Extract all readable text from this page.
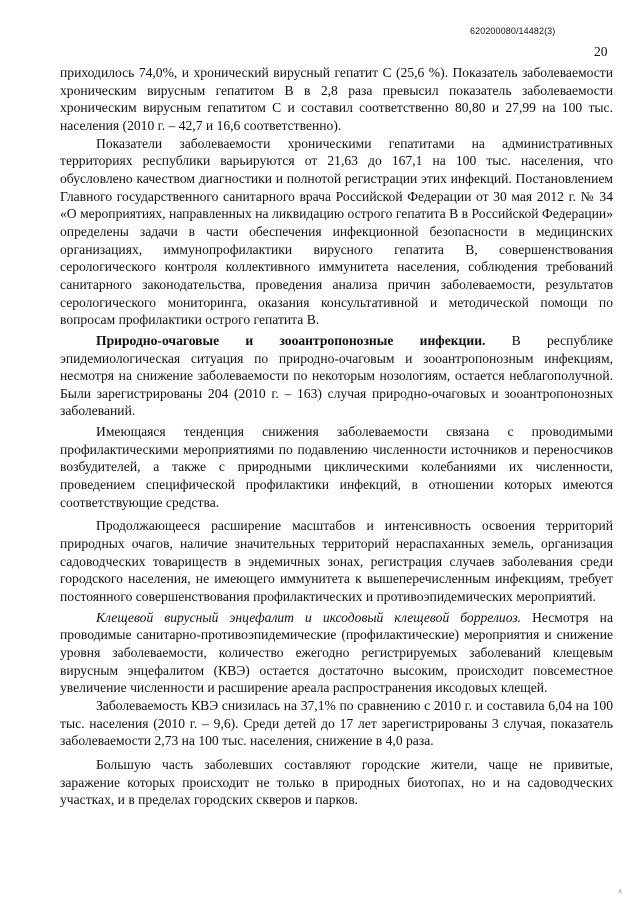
620200080/14482(3)
20

приходилось 74,0%, и хронический вирусный гепатит С (25,6 %). Показатель заболеваемости хроническим вирусным гепатитом В в 2,8 раза превысил показатель заболеваемости хроническим вирусным гепатитом С и составил соответственно 80,80 и 27,99 на 100 тыс. населения (2010 г. – 42,7 и 16,6 соответственно).

Показатели заболеваемости хроническими гепатитами на административных территориях республики варьируются от 21,63 до 167,1 на 100 тыс. населения, что обусловлено качеством диагностики и полнотой регистрации этих инфекций. Постановлением Главного государственного санитарного врача Российской Федерации от 30 мая 2012 г. № 34 «О мероприятиях, направленных на ликвидацию острого гепатита В в Российской Федерации» определены задачи в части обеспечения инфекционной безопасности в медицинских организациях, иммунопрофилактики вирусного гепатита В, совершенствования серологического контроля коллективного иммунитета населения, соблюдения требований санитарного законодательства, проведения анализа причин заболеваемости, результатов серологического мониторинга, оказания консультативной и методической помощи по вопросам профилактики острого гепатита В.

Природно-очаговые и зооантропонозные инфекции. В республике эпидемиологическая ситуация по природно-очаговым и зооантропонозным инфекциям, несмотря на снижение заболеваемости по некоторым нозологиям, остается неблагополучной. Были зарегистрированы 204 (2010 г. – 163) случая природно-очаговых и зооантропонозных заболеваний.

Имеющаяся тенденция снижения заболеваемости связана с проводимыми профилактическими мероприятиями по подавлению численности источников и переносчиков возбудителей, а также с природными циклическими колебаниями их численности, проведением специфической профилактики инфекций, в отношении которых имеются соответствующие средства.

Продолжающееся расширение масштабов и интенсивность освоения территорий природных очагов, наличие значительных территорий нераспаханных земель, организация садоводческих товариществ в эндемичных зонах, регистрация случаев заболевания среди городского населения, не имеющего иммунитета к вышеперечисленным инфекциям, требует постоянного совершенствования профилактических и противоэпидемических мероприятий.

Клещевой вирусный энцефалит и иксодовый клещевой боррелиоз. Несмотря на проводимые санитарно-противоэпидемические (профилактические) мероприятия и снижение уровня заболеваемости, количество ежегодно регистрируемых заболеваний клещевым вирусным энцефалитом (КВЭ) остается достаточно высоким, происходит повсеместное увеличение численности и расширение ареала распространения иксодовых клещей.

Заболеваемость КВЭ снизилась на 37,1% по сравнению с 2010 г. и составила 6,04 на 100 тыс. населения (2010 г. – 9,6). Среди детей до 17 лет зарегистрированы 3 случая, показатель заболеваемости 2,73 на 100 тыс. населения, снижение в 4,0 раза.

Большую часть заболевших составляют городские жители, чаще не привитые, заражение которых происходит не только в природных биотопах, но и на садоводческих участках, и в пределах городских скверов и парков.

ᴧ
